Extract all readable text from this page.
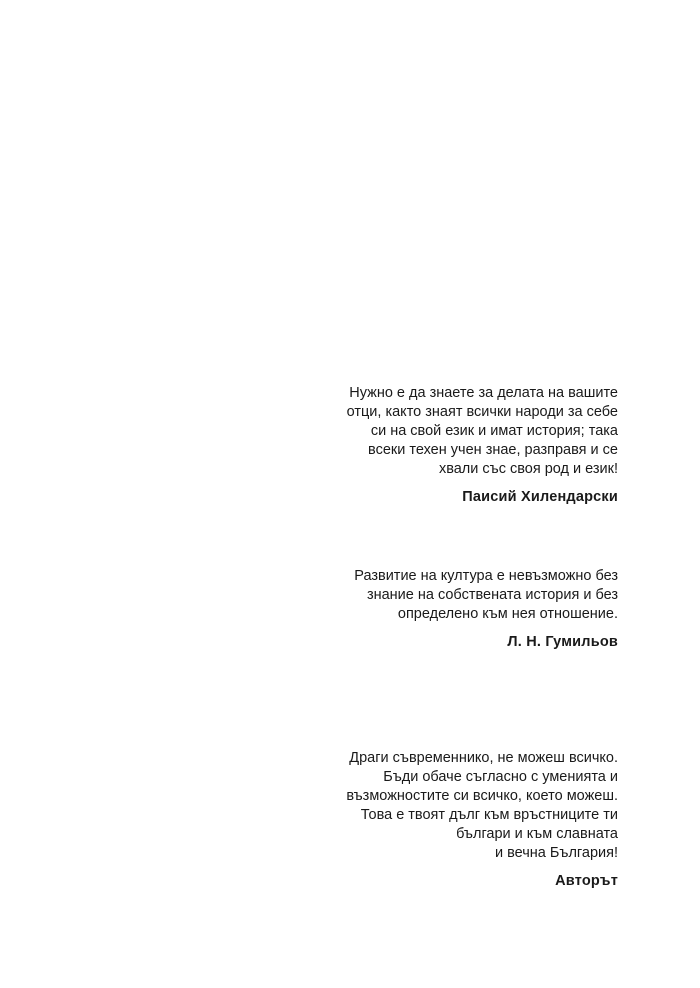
Нужно е да знаете за делата на вашите
отци, както знаят всички народи за себе
си на свой език и имат история; така
всеки техен учен знае, разправя и се
хвали със своя род и език!
Паисий Хилендарски
Развитие на култура е невъзможно без
знание на собствената история и без
определено към нея отношение.
Л. Н. Гумильов
Драги съвременнико, не можеш всичко.
Бъди обаче съгласно с уменията и
възможностите си всичко, което можеш.
Това е твоят дълг към връстниците ти
българи и към славната
и вечна България!
Авторът
